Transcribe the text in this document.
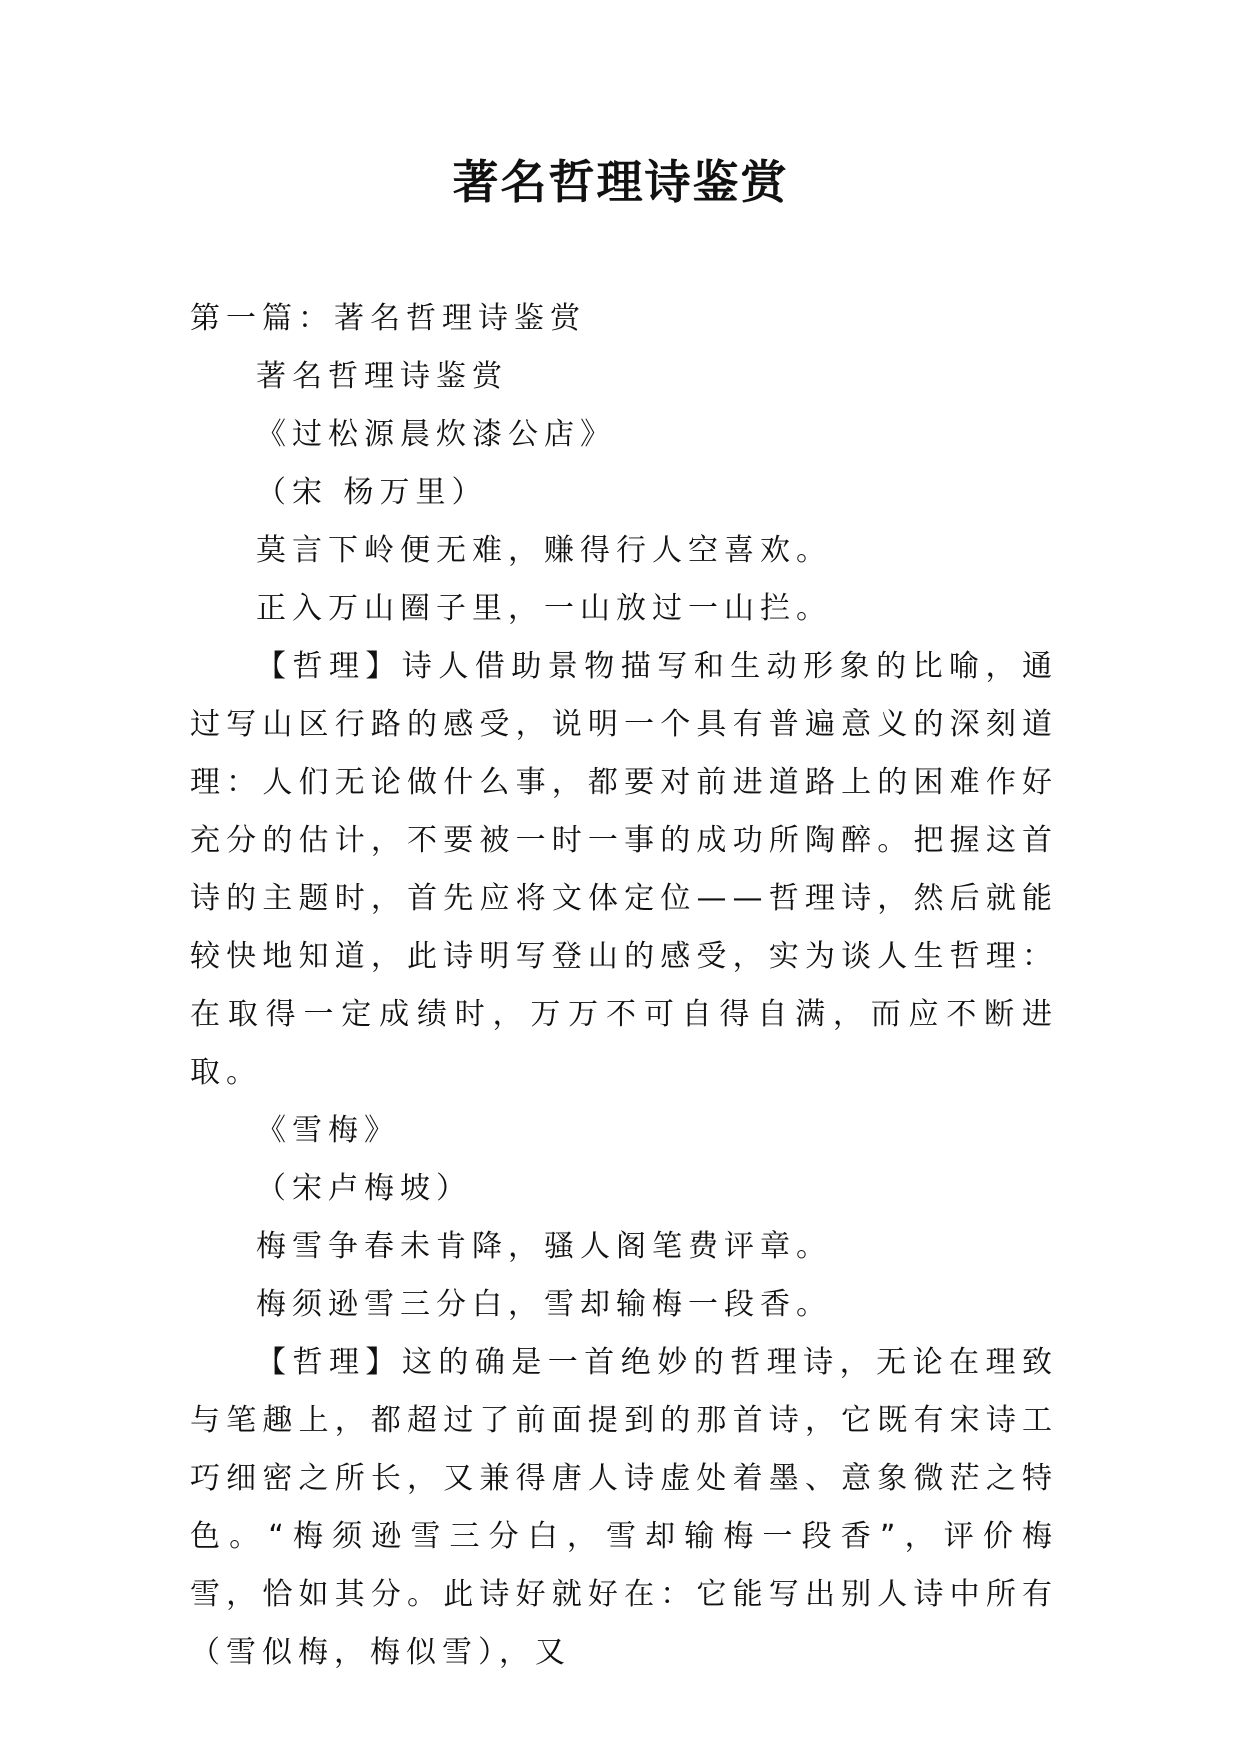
著名哲理诗鉴赏

第一篇：著名哲理诗鉴赏

著名哲理诗鉴赏

《过松源晨炊漆公店》

（宋 杨万里）

莫言下岭便无难，赚得行人空喜欢。

正入万山圈子里，一山放过一山拦。

【哲理】诗人借助景物描写和生动形象的比喻，通过写山区行路的感受，说明一个具有普遍意义的深刻道理：人们无论做什么事，都要对前进道路上的困难作好充分的估计，不要被一时一事的成功所陶醉。把握这首诗的主题时，首先应将文体定位——哲理诗，然后就能较快地知道，此诗明写登山的感受，实为谈人生哲理：在取得一定成绩时，万万不可自得自满，而应不断进取。

《雪梅》

（宋卢梅坡）

梅雪争春未肯降，骚人阁笔费评章。

梅须逊雪三分白，雪却输梅一段香。

【哲理】这的确是一首绝妙的哲理诗，无论在理致与笔趣上，都超过了前面提到的那首诗，它既有宋诗工巧细密之所长，又兼得唐人诗虚处着墨、意象微茫之特色。“梅须逊雪三分白，雪却输梅一段香”，评价梅雪，恰如其分。此诗好就好在：它能写出别人诗中所有（雪似梅，梅似雪），又
